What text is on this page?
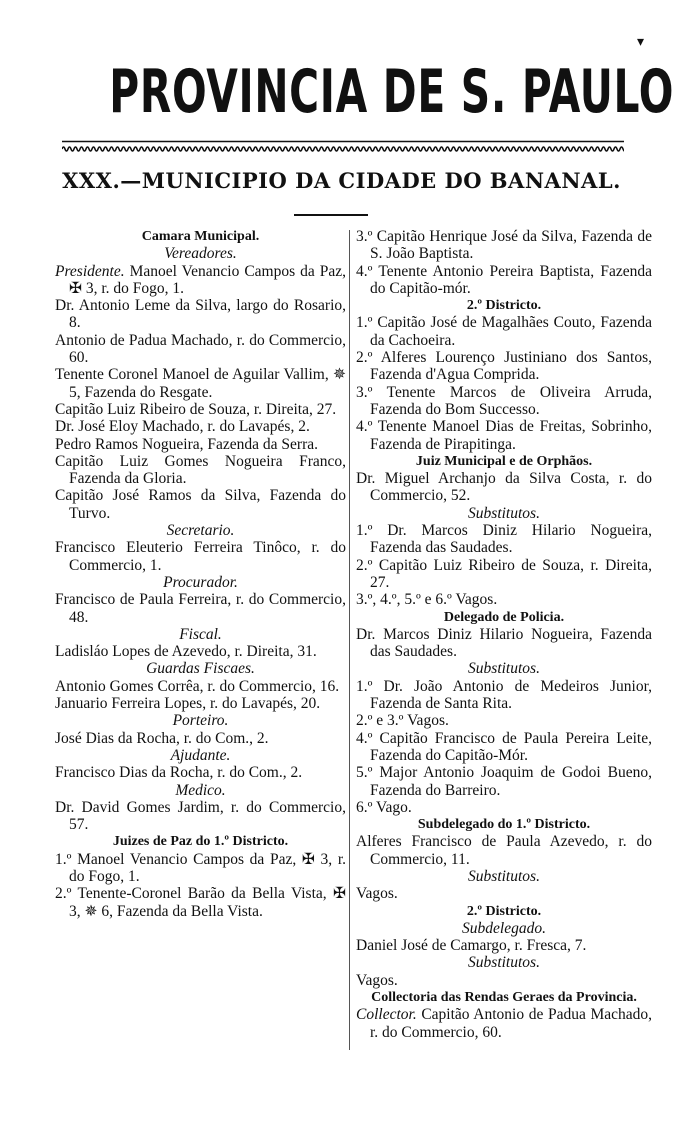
▾
PROVINCIA DE S. PAULO
XXX.—MUNICIPIO DA CIDADE DO BANANAL.
Camara Municipal.
Vereadores.
Presidente. Manoel Venancio Campos da Paz, ✠ 3, r. do Fogo, 1.
Dr. Antonio Leme da Silva, largo do Rosario, 8.
Antonio de Padua Machado, r. do Commercio, 60.
Tenente Coronel Manoel de Aguilar Vallim, ✵ 5, Fazenda do Resgate.
Capitão Luiz Ribeiro de Souza, r. Direita, 27.
Dr. José Eloy Machado, r. do Lavapés, 2.
Pedro Ramos Nogueira, Fazenda da Serra.
Capitão Luiz Gomes Nogueira Franco, Fazenda da Gloria.
Capitão José Ramos da Silva, Fazenda do Turvo.
Secretario.
Francisco Eleuterio Ferreira Tinôco, r. do Commercio, 1.
Procurador.
Francisco de Paula Ferreira, r. do Commercio, 48.
Fiscal.
Ladisláo Lopes de Azevedo, r. Direita, 31.
Guardas Fiscaes.
Antonio Gomes Corrêa, r. do Commercio, 16.
Januario Ferreira Lopes, r. do Lavapés, 20.
Porteiro.
José Dias da Rocha, r. do Com., 2.
Ajudante.
Francisco Dias da Rocha, r. do Com., 2.
Medico.
Dr. David Gomes Jardim, r. do Commercio, 57.
Juizes de Paz do 1.º Districto.
1.º Manoel Venancio Campos da Paz, ✠ 3, r. do Fogo, 1.
2.º Tenente-Coronel Barão da Bella Vista, ✠ 3, ✵ 6, Fazenda da Bella Vista.
3.º Capitão Henrique José da Silva, Fazenda de S. João Baptista.
4.º Tenente Antonio Pereira Baptista, Fazenda do Capitão-mór.
2.º Districto.
1.º Capitão José de Magalhães Couto, Fazenda da Cachoeira.
2.º Alferes Lourenço Justiniano dos Santos, Fazenda d'Agua Comprida.
3.º Tenente Marcos de Oliveira Arruda, Fazenda do Bom Successo.
4.º Tenente Manoel Dias de Freitas, Sobrinho, Fazenda de Pirapitinga.
Juiz Municipal e de Orphãos.
Dr. Miguel Archanjo da Silva Costa, r. do Commercio, 52.
Substitutos.
1.º Dr. Marcos Diniz Hilario Nogueira, Fazenda das Saudades.
2.º Capitão Luiz Ribeiro de Souza, r. Direita, 27.
3.º, 4.º, 5.º e 6.º Vagos.
Delegado de Policia.
Dr. Marcos Diniz Hilario Nogueira, Fazenda das Saudades.
Substitutos.
1.º Dr. João Antonio de Medeiros Junior, Fazenda de Santa Rita.
2.º e 3.º Vagos.
4.º Capitão Francisco de Paula Pereira Leite, Fazenda do Capitão-Mór.
5.º Major Antonio Joaquim de Godoi Bueno, Fazenda do Barreiro.
6.º Vago.
Subdelegado do 1.º Districto.
Alferes Francisco de Paula Azevedo, r. do Commercio, 11.
Substitutos.
Vagos.
2.º Districto.
Subdelegado.
Daniel José de Camargo, r. Fresca, 7.
Substitutos.
Vagos.
Collectoria das Rendas Geraes da Provincia.
Collector. Capitão Antonio de Padua Machado, r. do Commercio, 60.
